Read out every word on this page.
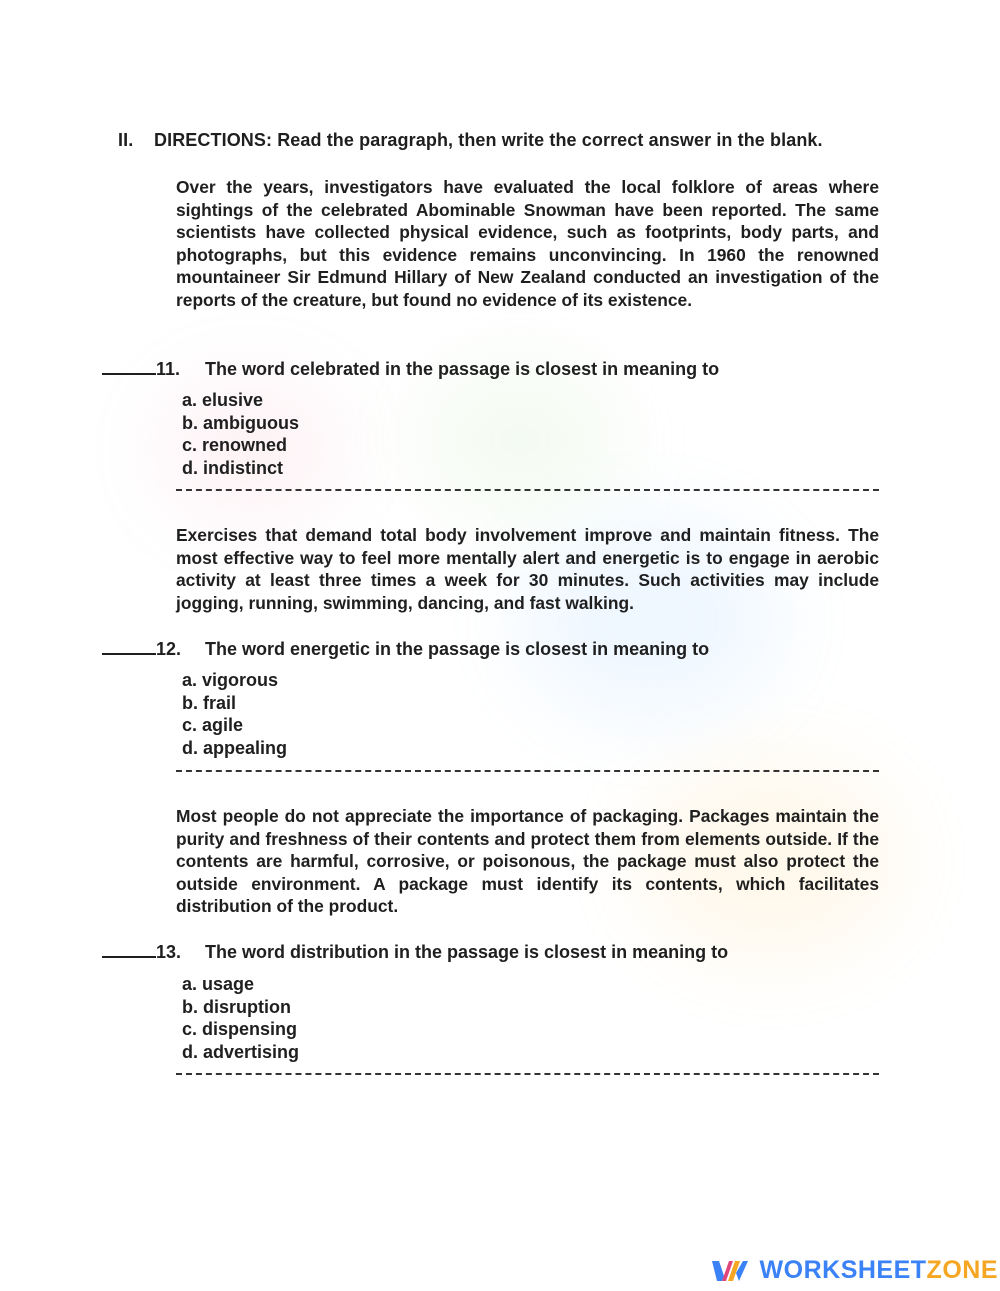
II. DIRECTIONS: Read the paragraph, then write the correct answer in the blank.
Over the years, investigators have evaluated the local folklore of areas where sightings of the celebrated Abominable Snowman have been reported. The same scientists have collected physical evidence, such as footprints, body parts, and photographs, but this evidence remains unconvincing. In 1960 the renowned mountaineer Sir Edmund Hillary of New Zealand conducted an investigation of the reports of the creature, but found no evidence of its existence.
11. The word celebrated in the passage is closest in meaning to
a. elusive
b. ambiguous
c. renowned
d. indistinct
Exercises that demand total body involvement improve and maintain fitness. The most effective way to feel more mentally alert and energetic is to engage in aerobic activity at least three times a week for 30 minutes. Such activities may include jogging, running, swimming, dancing, and fast walking.
12. The word energetic in the passage is closest in meaning to
a. vigorous
b. frail
c. agile
d. appealing
Most people do not appreciate the importance of packaging. Packages maintain the purity and freshness of their contents and protect them from elements outside. If the contents are harmful, corrosive, or poisonous, the package must also protect the outside environment. A package must identify its contents, which facilitates distribution of the product.
13. The word distribution in the passage is closest in meaning to
a. usage
b. disruption
c. dispensing
d. advertising
WORKSHEET ZONE
